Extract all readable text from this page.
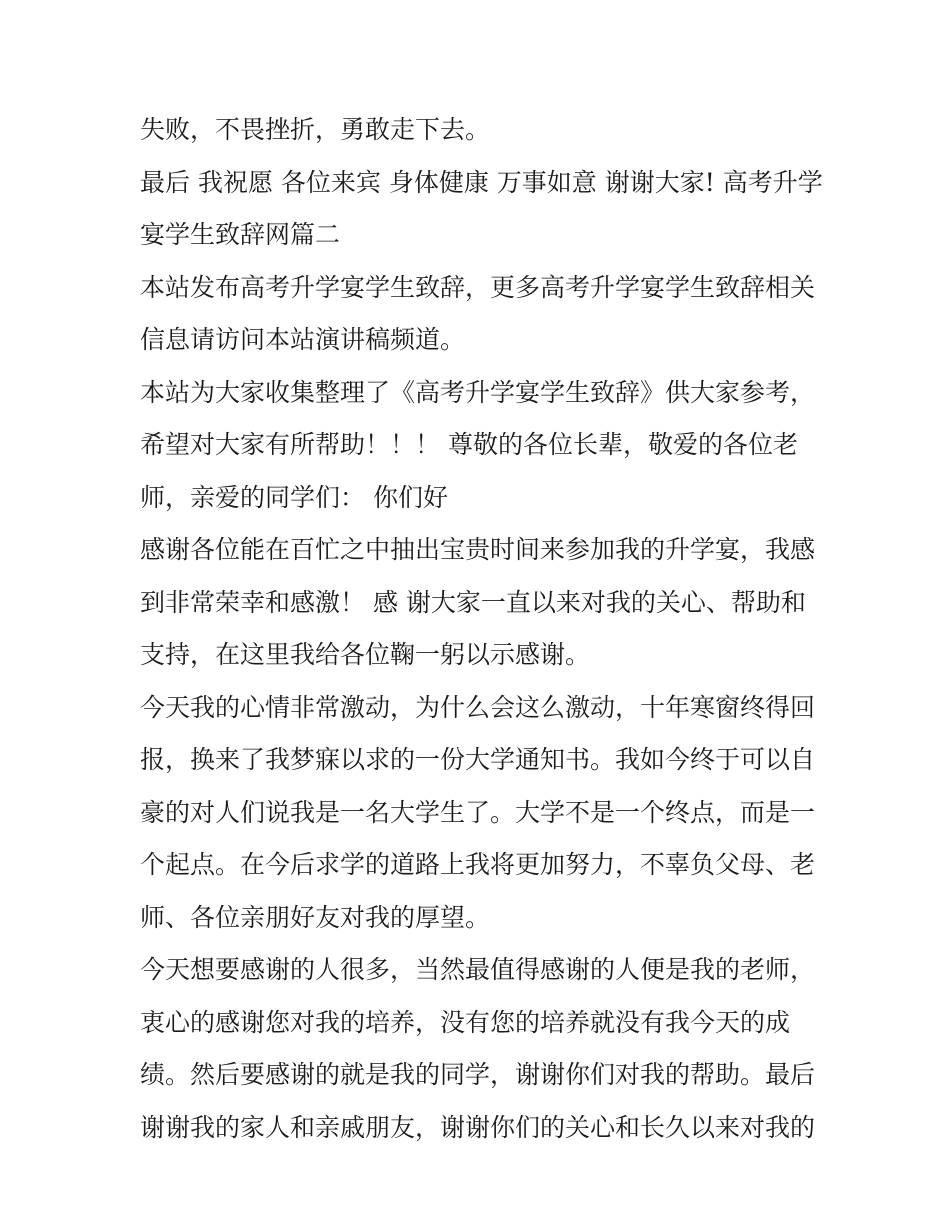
失败，不畏挫折，勇敢走下去。
最后 我祝愿 各位来宾 身体健康 万事如意 谢谢大家! 高考升学
宴学生致辞网篇二
本站发布高考升学宴学生致辞，更多高考升学宴学生致辞相关
信息请访问本站演讲稿频道。
本站为大家收集整理了《高考升学宴学生致辞》供大家参考，
希望对大家有所帮助！！！ 尊敬的各位长辈，敬爱的各位老
师，亲爱的同学们： 你们好
感谢各位能在百忙之中抽出宝贵时间来参加我的升学宴，我感
到非常荣幸和感激！ 感 谢大家一直以来对我的关心、帮助和
支持，在这里我给各位鞠一躬以示感谢。
今天我的心情非常激动，为什么会这么激动，十年寒窗终得回
报，换来了我梦寐以求的一份大学通知书。我如今终于可以自
豪的对人们说我是一名大学生了。大学不是一个终点，而是一
个起点。在今后求学的道路上我将更加努力，不辜负父母、老
师、各位亲朋好友对我的厚望。
今天想要感谢的人很多，当然最值得感谢的人便是我的老师，
衷心的感谢您对我的培养，没有您的培养就没有我今天的成
绩。然后要感谢的就是我的同学，谢谢你们对我的帮助。最后
谢谢我的家人和亲戚朋友，谢谢你们的关心和长久以来对我的
